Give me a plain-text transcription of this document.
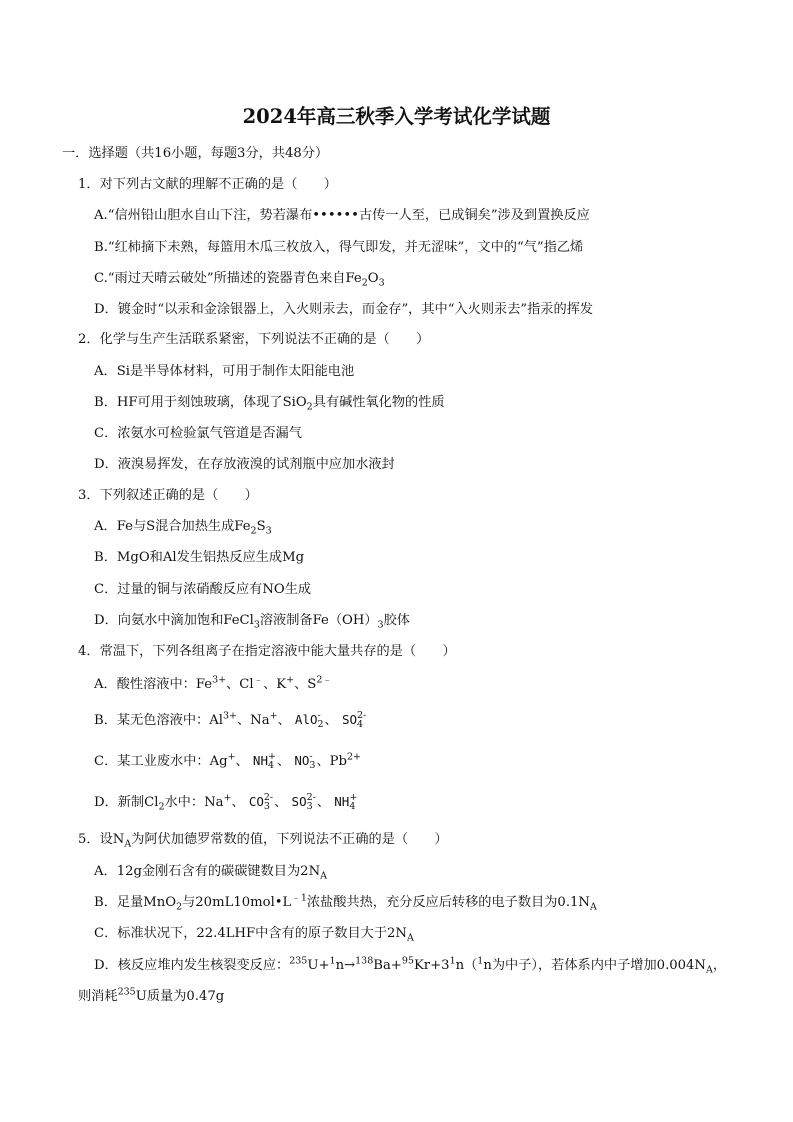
2024年高三秋季入学考试化学试题
一．选择题（共16小题，每题3分，共48分）
1．对下列古文献的理解不正确的是（　　）
A.“信州铅山胆水自山下注，势若瀑布••••••古传一人至，已成铜矣”涉及到置换反应
B.“红柿摘下未熟，每篮用木瓜三枚放入，得气即发，并无涩味”，文中的“气”指乙烯
C.“雨过天晴云破处”所描述的瓷器青色来自$Fe_2O_3$
D．镀金时“以汞和金涂银器上，入火则汞去，而金存”，其中“入火则汞去”指汞的挥发
2．化学与生产生活联系紧密，下列说法不正确的是（　　）
A．Si是半导体材料，可用于制作太阳能电池
B．HF可用于刻蚀玻璃，体现了SiO$_2$具有碱性氧化物的性质
C．浓氨水可检验氯气管道是否漏气
D．液溴易挥发，在存放液溴的试剂瓶中应加水液封
3．下列叙述正确的是（　　）
A．Fe与S混合加热生成$Fe_2S_3$
B．MgO和Al发生铝热反应生成Mg
C．过量的铜与浓硝酸反应有NO生成
D．向氨水中滴加饱和FeCl$_3$溶液制备$Fe(OH)_3$胶体
4．常温下，下列各组离子在指定溶液中能大量共存的是（　　）
A．酸性溶液中：$Fe^{3+}$、Cl﹣、K+、$S^{2﹣}$
B．某无色溶液中：$Al^{3+}$、Na+、 AlO -
2 、 SO 2-
4
C．某工业废水中：Ag+、 NH +
4 、 NO -
3 、$Pb^{2+}$
D．新制$Cl_2$水中：Na+、 CO 2-
3 、 SO 2-
3 、 NH +
4
5．设$N_A$为阿伏加德罗常数的值，下列说法不正确的是（　　）
A．12g金刚石含有的碳碳键数目为$2N_A$
B．足量MnO$_2$与$20mL10mol•L^{﹣1}$浓盐酸共热，充分反应后转移的电子数目为$0.1N_A$
C．标准状况下，22.4LHF中含有的原子数目大于$2N_A$
D．核反应堆内发生核裂变反应：$^{235}U+^1n\to^{138}Ba+^{95}Kr+3^1n(^1n$为中子），若体系内中子增加$0.004N_A$，
则消耗$^{235}$U质量为0.47g
